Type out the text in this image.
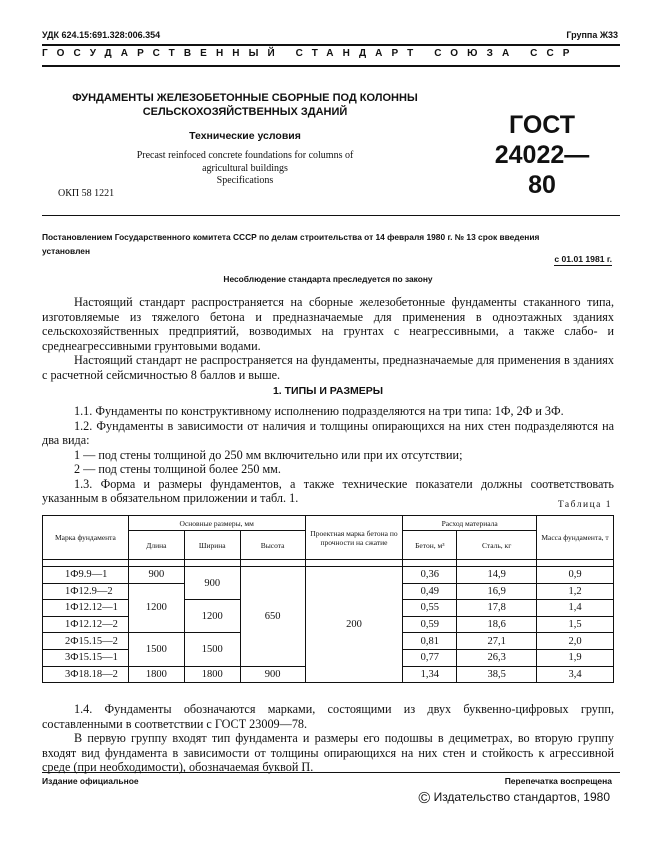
УДК 624.15:691.328:006.354	Группа Ж33
ГОСУДАРСТВЕННЫЙ СТАНДАРТ СОЮЗА ССР
ФУНДАМЕНТЫ ЖЕЛЕЗОБЕТОННЫЕ СБОРНЫЕ ПОД КОЛОННЫ
СЕЛЬСКОХОЗЯЙСТВЕННЫХ ЗДАНИЙ
Технические условия
Precast reinfoced concrete foundations for columns of
agricultural buildings
Specifications
ОКП 58 1221
ГОСТ
24022—80
Постановлением Государственного комитета СССР по делам строительства от 14 февраля 1980 г. № 13 срок введения
установлен
с 01.01 1981 г.
Несоблюдение стандарта преследуется по закону

Настоящий стандарт распространяется на сборные железобетонные фундаменты стаканного типа, изготовляемые из тяжелого бетона и предназначаемые для применения в одноэтажных зданиях сельскохозяйственных предприятий, возводимых на грунтах с неагрессивными, а также слабо- и среднеагрессивными грунтовыми водами.

Настоящий стандарт не распространяется на фундаменты, предназначаемые для применения в зданиях с расчетной сейсмичностью 8 баллов и выше.

1. ТИПЫ И РАЗМЕРЫ

1.1. Фундаменты по конструктивному исполнению подразделяются на три типа: 1Ф, 2Ф и 3Ф.

1.2. Фундаменты в зависимости от наличия и толщины опирающихся на них стен подразделяются на два вида:

1 — под стены толщиной до 250 мм включительно или при их отсутствии;

2 — под стены толщиной более 250 мм.

1.3. Форма и размеры фундаментов, а также технические показатели должны соответствовать указанным в обязательном приложении и табл. 1.	Таблица 1
Марка фундамента	Основные размеры, мм			Проектная марка бетона по прочности на сжатие	Расход материала		Масса фундамента, т
	Длина	Ширина	Высота		Бетон, м³	Сталь, кг	

1Ф9.9—1	900	900	650	200	0,36	14,9	0,9
1Ф12.9—2	1200				0,49	16,9	1,2
1Ф12.12—1		1200			0,55	17,8	1,4
1Ф12.12—2					0,59	18,6	1,5
2Ф15.15—2	1500	1500			0,81	27,1	2,0
3Ф15.15—1					0,77	26,3	1,9
3Ф18.18—2	1800	1800	900		1,34	38,5	3,4

1.4. Фундаменты обозначаются марками, состоящими из двух буквенно-цифровых групп, составленными в соответствии с ГОСТ 23009—78.

В первую группу входят тип фундамента и размеры его подошвы в дециметрах, во вторую группу входят вид фундамента в зависимости от толщины опирающихся на них стен и стойкость к агрессивной среде (при необходимости), обозначаемая буквой П.

Издание официальное	Перепечатка воспрещена
© Издательство стандартов, 1980
